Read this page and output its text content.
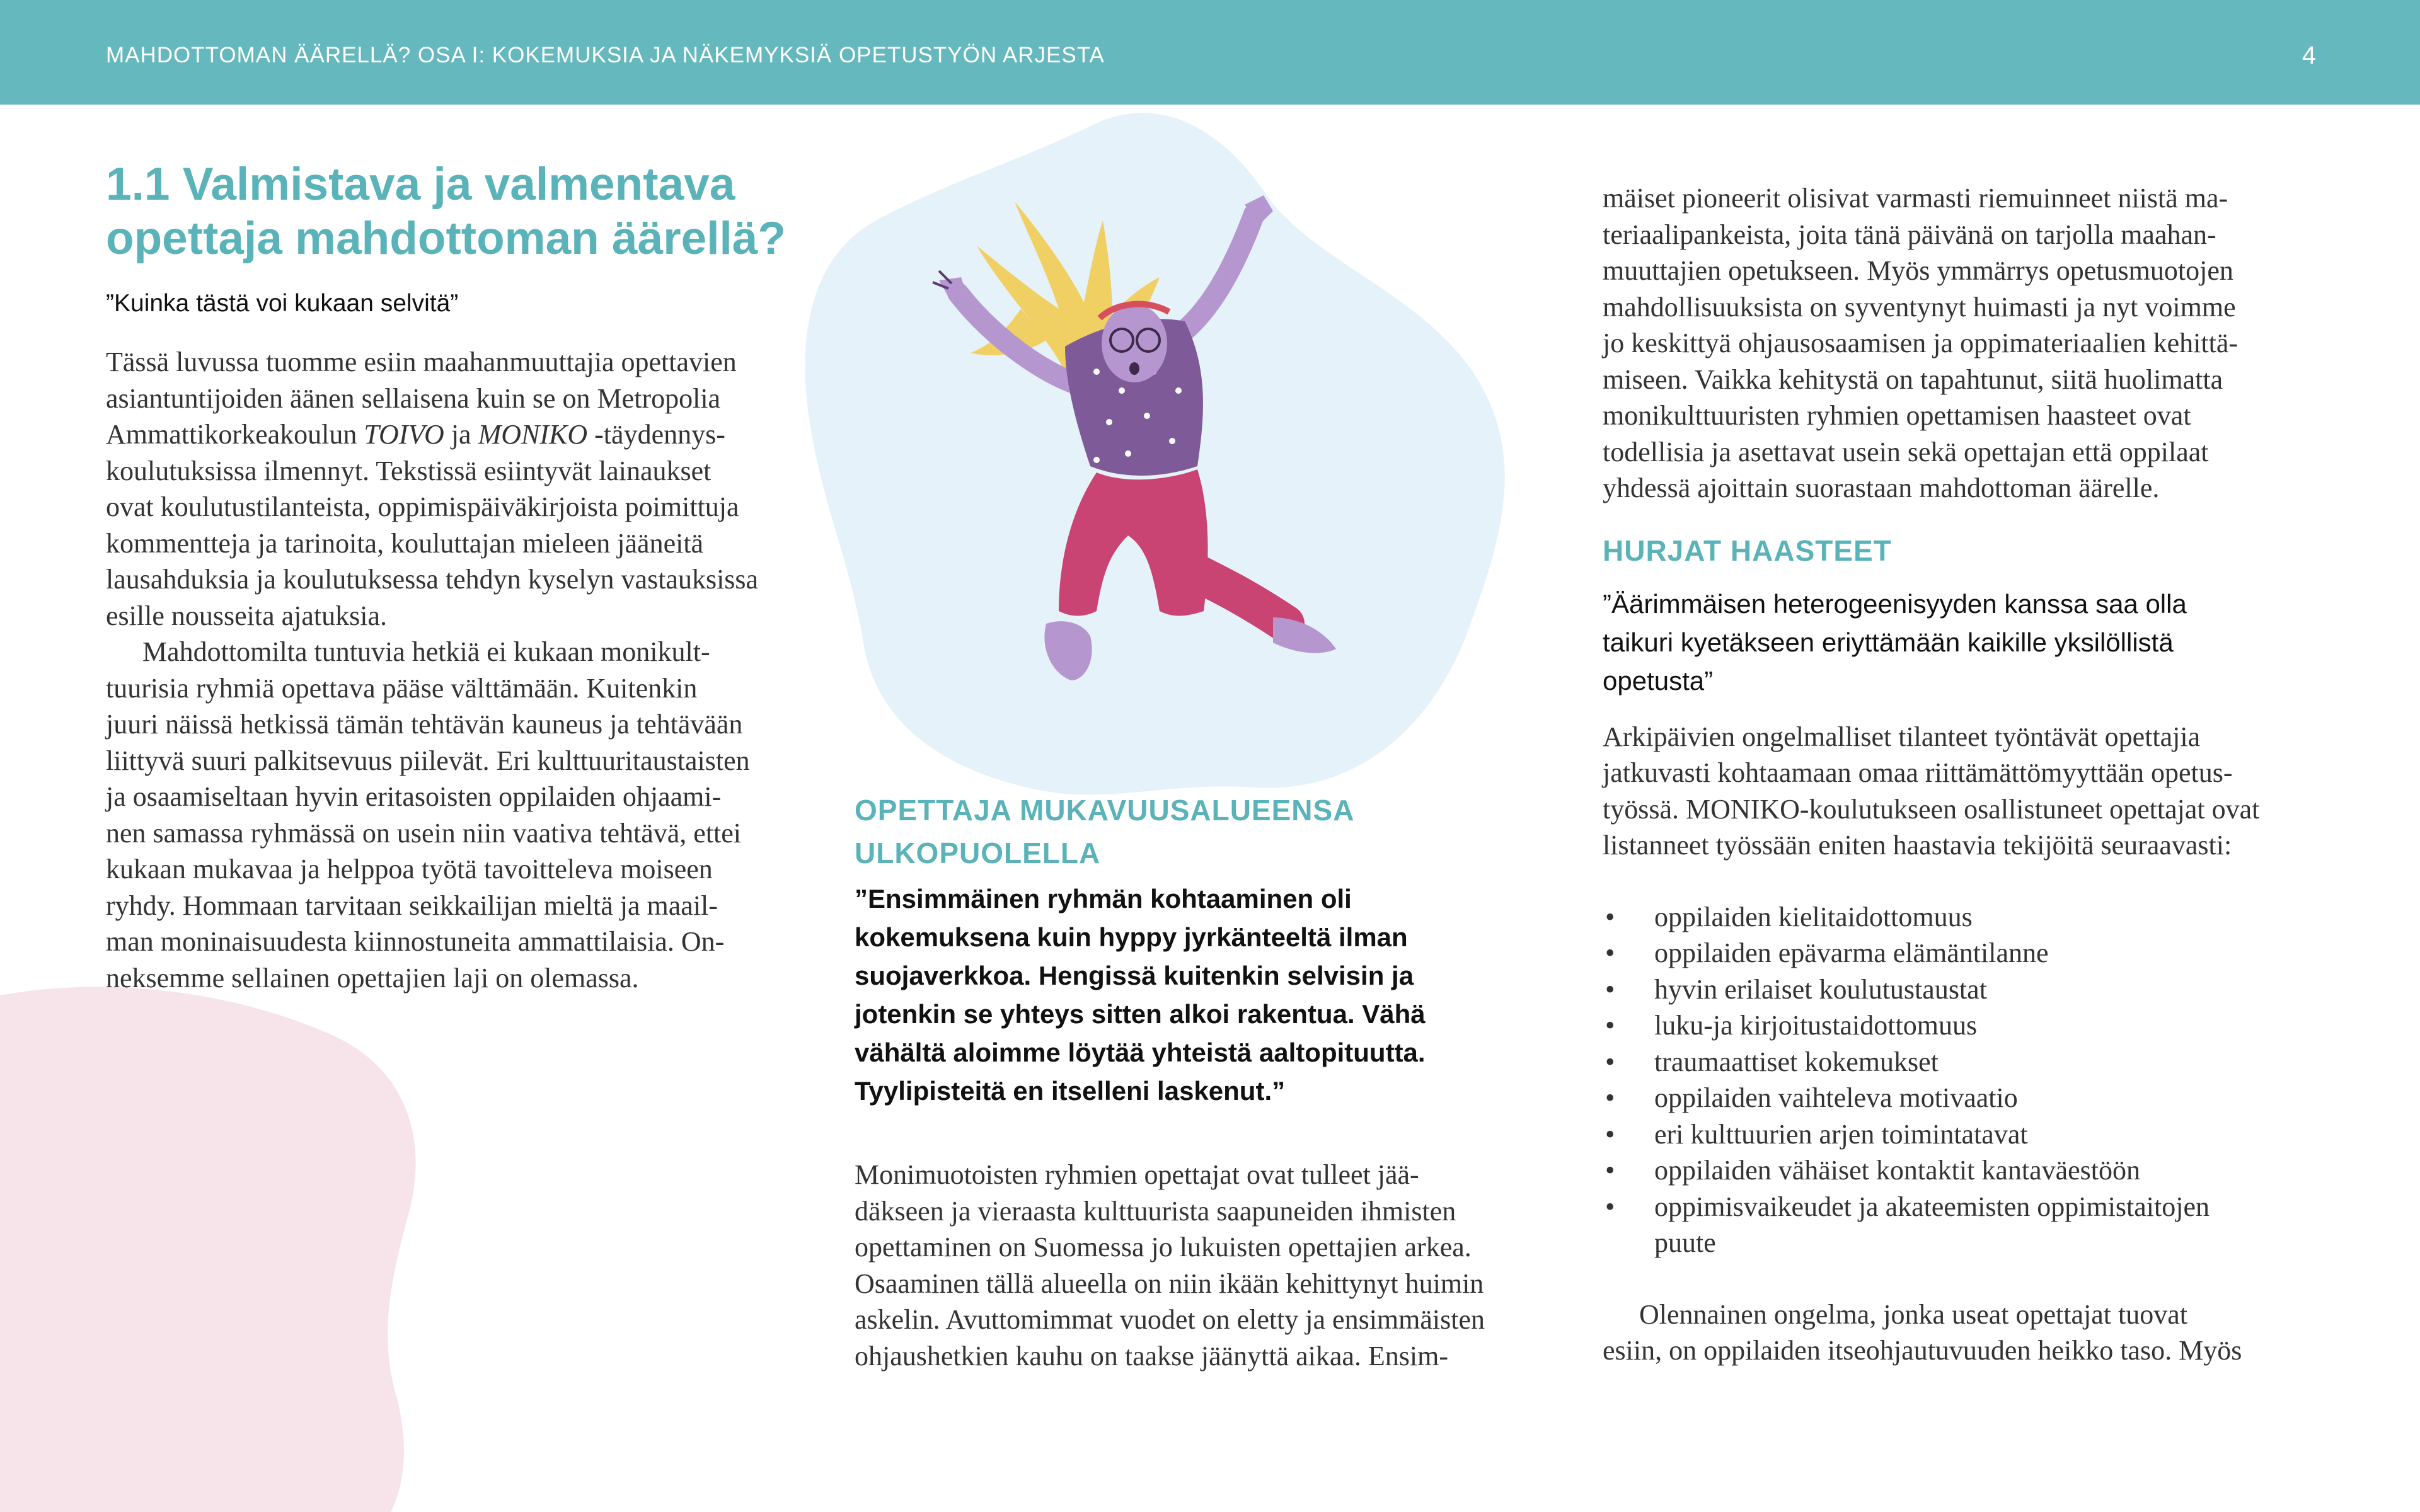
MAHDOTTOMAN ÄÄRELLÄ? OSA I: KOKEMUKSIA JA NÄKEMYKSIÄ OPETUSTYÖN ARJESTA	4
1.1 Valmistava ja valmentava
opettaja mahdottoman äärellä?

”Kuinka tästä voi kukaan selvitä”

Tässä luvussa tuomme esiin maahanmuuttajia opettavien
asiantuntijoiden äänen sellaisena kuin se on Metropolia
Ammattikorkeakoulun TOIVO ja MONIKO -täydennys-
koulutuksissa ilmennyt. Tekstissä esiintyvät lainaukset
ovat koulutustilanteista, oppimispäiväkirjoista poimittuja
kommentteja ja tarinoita, kouluttajan mieleen jääneitä
lausahduksia ja koulutuksessa tehdyn kyselyn vastauksissa
esille nousseita ajatuksia.

Mahdottomilta tuntuvia hetkiä ei kukaan monikult-
tuurisia ryhmiä opettava pääse välttämään. Kuitenkin
juuri näissä hetkissä tämän tehtävän kauneus ja tehtävään
liittyvä suuri palkitsevuus piilevät. Eri kulttuuritaustaisten
ja osaamiseltaan hyvin eritasoisten oppilaiden ohjaami-
nen samassa ryhmässä on usein niin vaativa tehtävä, ettei
kukaan mukavaa ja helppoa työtä tavoitteleva moiseen
ryhdy. Hommaan tarvitaan seikkailijan mieltä ja maail-
man moninaisuudesta kiinnostuneita ammattilaisia. On-
neksemme sellainen opettajien laji on olemassa.

OPETTAJA MUKAVUUSALUEENSA
ULKOPUOLELLA

”Ensimmäinen ryhmän kohtaaminen oli
kokemuksena kuin hyppy jyrkänteeltä ilman
suojaverkkoa. Hengissä kuitenkin selvisin ja
jotenkin se yhteys sitten alkoi rakentua. Vähä
vähältä aloimme löytää yhteistä aaltopituutta.
Tyylipisteitä en itselleni laskenut.”

Monimuotoisten ryhmien opettajat ovat tulleet jää-
däkseen ja vieraasta kulttuurista saapuneiden ihmisten
opettaminen on Suomessa jo lukuisten opettajien arkea.
Osaaminen tällä alueella on niin ikään kehittynyt huimin
askelin. Avuttomimmat vuodet on eletty ja ensimmäisten
ohjaushetkien kauhu on taakse jäänyttä aikaa. Ensim-

mäiset pioneerit olisivat varmasti riemuinneet niistä ma-
teriaalipankeista, joita tänä päivänä on tarjolla maahan-
muuttajien opetukseen. Myös ymmärrys opetusmuotojen
mahdollisuuksista on syventynyt huimasti ja nyt voimme
jo keskittyä ohjausosaamisen ja oppimateriaalien kehittä-
miseen. Vaikka kehitystä on tapahtunut, siitä huolimatta
monikulttuuristen ryhmien opettamisen haasteet ovat
todellisia ja asettavat usein sekä opettajan että oppilaat
yhdessä ajoittain suorastaan mahdottoman äärelle.

HURJAT HAASTEET

”Äärimmäisen heterogeenisyyden kanssa saa olla
taikuri kyetäkseen eriyttämään kaikille yksilöllistä
opetusta”

Arkipäivien ongelmalliset tilanteet työntävät opettajia
jatkuvasti kohtaamaan omaa riittämättömyyttään opetus-
työssä. MONIKO-koulutukseen osallistuneet opettajat ovat
listanneet työssään eniten haastavia tekijöitä seuraavasti:

• oppilaiden kielitaidottomuus
• oppilaiden epävarma elämäntilanne
• hyvin erilaiset koulutustaustat
• luku-ja kirjoitustaidottomuus
• traumaattiset kokemukset
• oppilaiden vaihteleva motivaatio
• eri kulttuurien arjen toimintatavat
• oppilaiden vähäiset kontaktit kantaväestöön
• oppimisvaikeudet ja akateemisten oppimistaitojen
puute

Olennainen ongelma, jonka useat opettajat tuovat
esiin, on oppilaiden itseohjautuvuuden heikko taso. Myös
